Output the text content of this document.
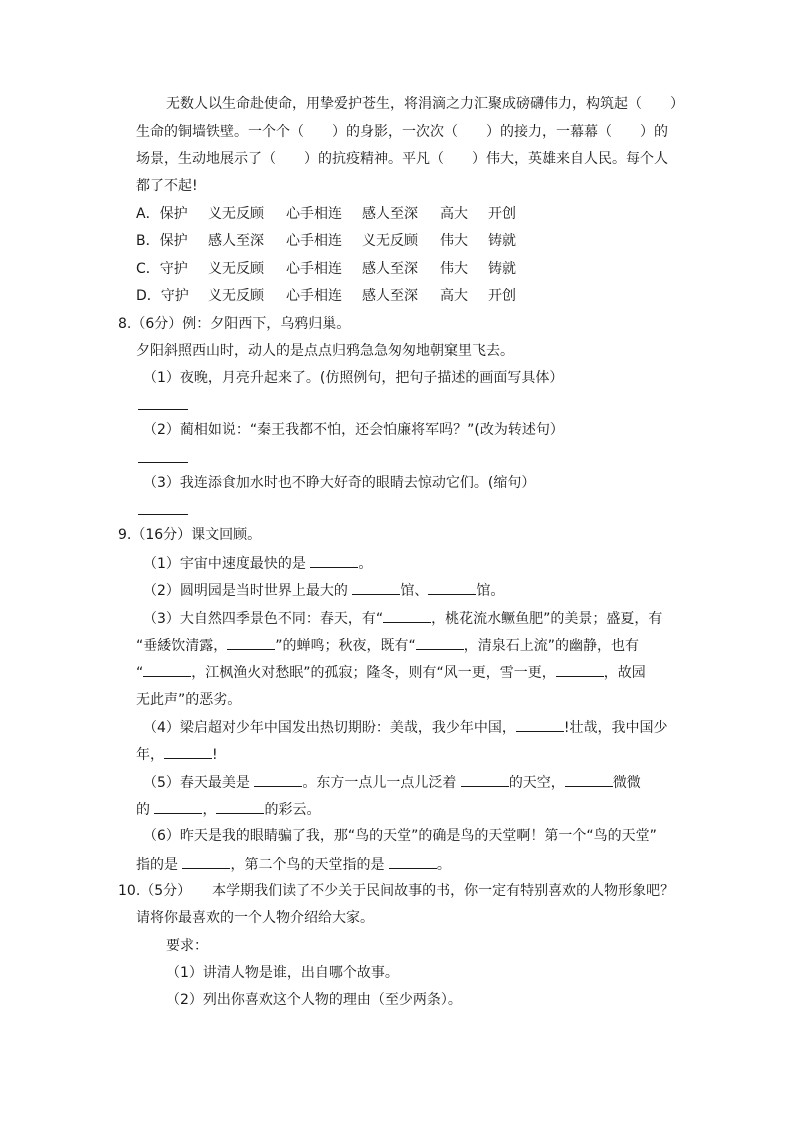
无数人以生命赴使命，用挚爱护苍生，将涓滴之力汇聚成磅礴伟力，构筑起（　　）
生命的铜墙铁壁。一个个（　　）的身影，一次次（　　）的接力，一幕幕（　　）的
场景，生动地展示了（　　）的抗疫精神。平凡（　　）伟大，英雄来自人民。每个人
都了不起!
A．保护 义无反顾 心手相连 感人至深 高大 开创
B．保护 感人至深 心手相连 义无反顾 伟大 铸就
C．守护 义无反顾 心手相连 感人至深 伟大 铸就
D．守护 义无反顾 心手相连 感人至深 高大 开创
8.（6分）例：夕阳西下，乌鸦归巢。
夕阳斜照西山时，动人的是点点归鸦急急匆匆地朝窠里飞去。
（1）夜晚，月亮升起来了。(仿照例句，把句子描述的画面写具体）
（2）蔺相如说：“秦王我都不怕，还会怕廉将军吗？”(改为转述句）
（3）我连添食加水时也不睁大好奇的眼睛去惊动它们。(缩句）
9.（16分）课文回顾。
（1）宇宙中速度最快的是	。
（2）圆明园是当时世界上最大的	馆、	馆。
（3）大自然四季景色不同：春天，有“	，桃花流水鳜鱼肥”的美景；盛夏，有
“垂緌饮清露，	”的蝉鸣；秋夜，既有“	，清泉石上流”的幽静，也有
“	，江枫渔火对愁眠”的孤寂；隆冬，则有“风一更，雪一更，	，故园
无此声”的恶劣。
（4）梁启超对少年中国发出热切期盼：美哉，我少年中国，	!壮哉，我中国少
年，	!
（5）春天最美是	。东方一点儿一点儿泛着	的天空，	微微
的	，	的彩云。
（6）昨天是我的眼睛骗了我，那“鸟的天堂”的确是鸟的天堂啊！第一个“鸟的天堂”
指的是	，第二个鸟的天堂指的是	。
10.（5分）　　本学期我们读了不少关于民间故事的书，你一定有特别喜欢的人物形象吧？
请将你最喜欢的一个人物介绍给大家。
要求：
（1）讲清人物是谁，出自哪个故事。
（2）列出你喜欢这个人物的理由（至少两条）。
